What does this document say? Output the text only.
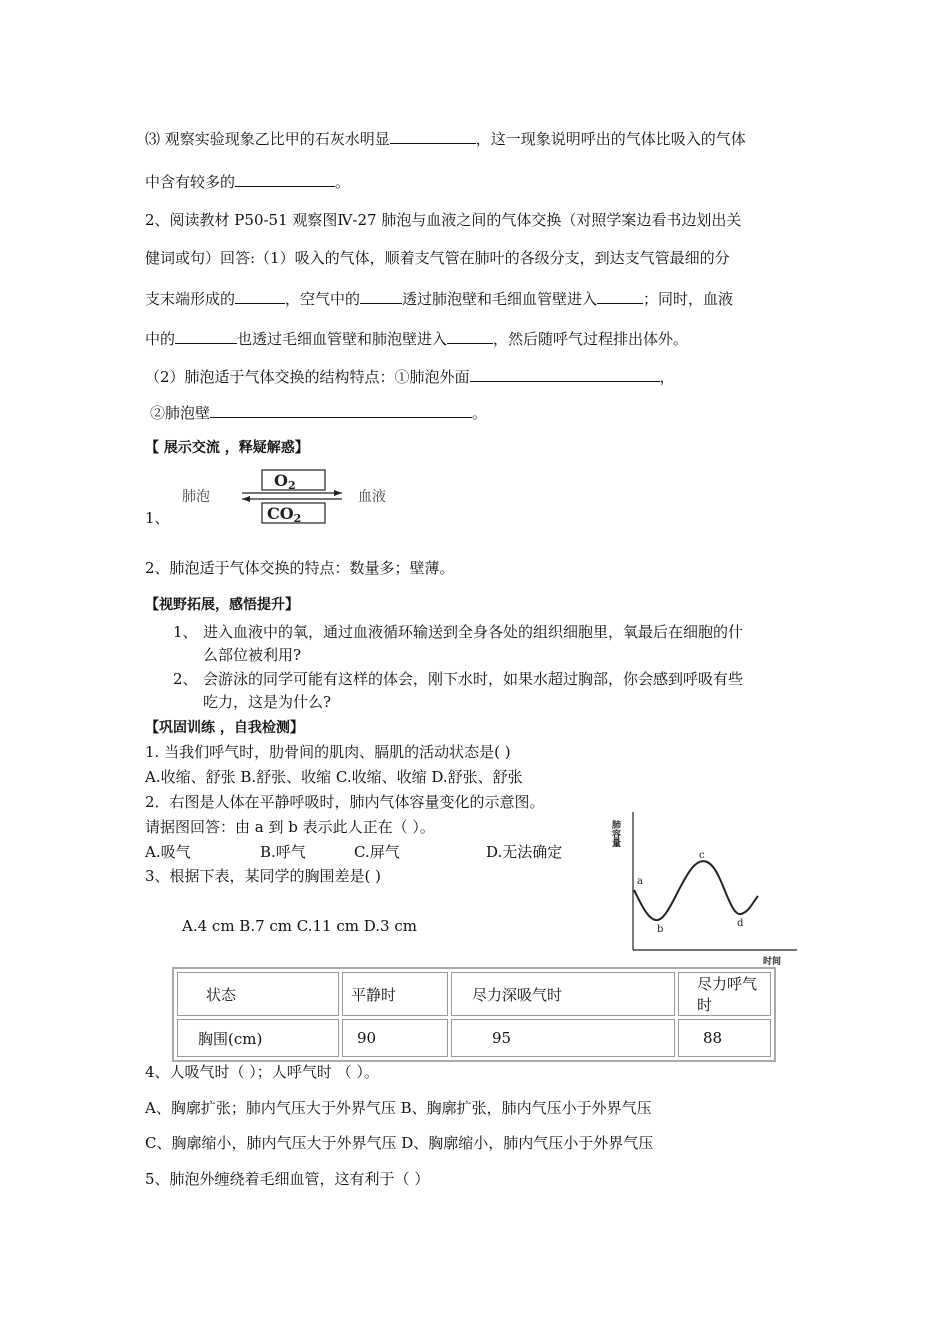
⑶ 观察实验现象乙比甲的石灰水明显	，这一现象说明呼出的气体比吸入的气体
中含有较多的	。
2、阅读教材 P50-51 观察图Ⅳ-27 肺泡与血液之间的气体交换（对照学案边看书边划出关
健词或句）回答:（1）吸入的气体，顺着支气管在肺叶的各级分支，到达支气管最细的分
支末端形成的	，空气中的	透过肺泡壁和毛细血管壁进入	；同时，血液
中的	也透过毛细血管壁和肺泡壁进入	，然后随呼气过程排出体外。
（2）肺泡适于气体交换的结构特点：①肺泡外面	，
②肺泡壁	。
【 展示交流 ，释疑解惑】
1、
肺泡	血液
O2
CO2
2、肺泡适于气体交换的特点：数量多；壁薄。
【视野拓展，感悟提升】
1、 进入血液中的氧，通过血液循环输送到全身各处的组织细胞里，氧最后在细胞的什
么部位被利用?
2、 会游泳的同学可能有这样的体会，刚下水时，如果水超过胸部，你会感到呼吸有些
吃力，这是为什么?
【巩固训练 ，自我检测】
1. 当我们呼气时，肋骨间的肌肉、膈肌的活动状态是( )
A.收缩、舒张 B.舒张、收缩 C.收缩、收缩 D.舒张、舒张
2．右图是人体在平静呼吸时，肺内气体容量变化的示意图。
请据图回答：由 a 到 b 表示此人正在（ ）。
A.吸气	B.呼气	C.屏气	D.无法确定
3、根据下表，某同学的胸围差是( )
A.4 cm B.7 cm C.11 cm D.3 cm
肺容量
a
b
c
d
时间
状态	平静时	尽力深吸气时	尽力呼气时
胸围(cm)	90	95	88
4、人吸气时（ ）；人呼气时 （ ）。
A、胸廓扩张；肺内气压大于外界气压 B、胸廓扩张，肺内气压小于外界气压
C、胸廓缩小，肺内气压大于外界气压 D、胸廓缩小，肺内气压小于外界气压
5、肺泡外缠绕着毛细血管，这有利于（ ）
